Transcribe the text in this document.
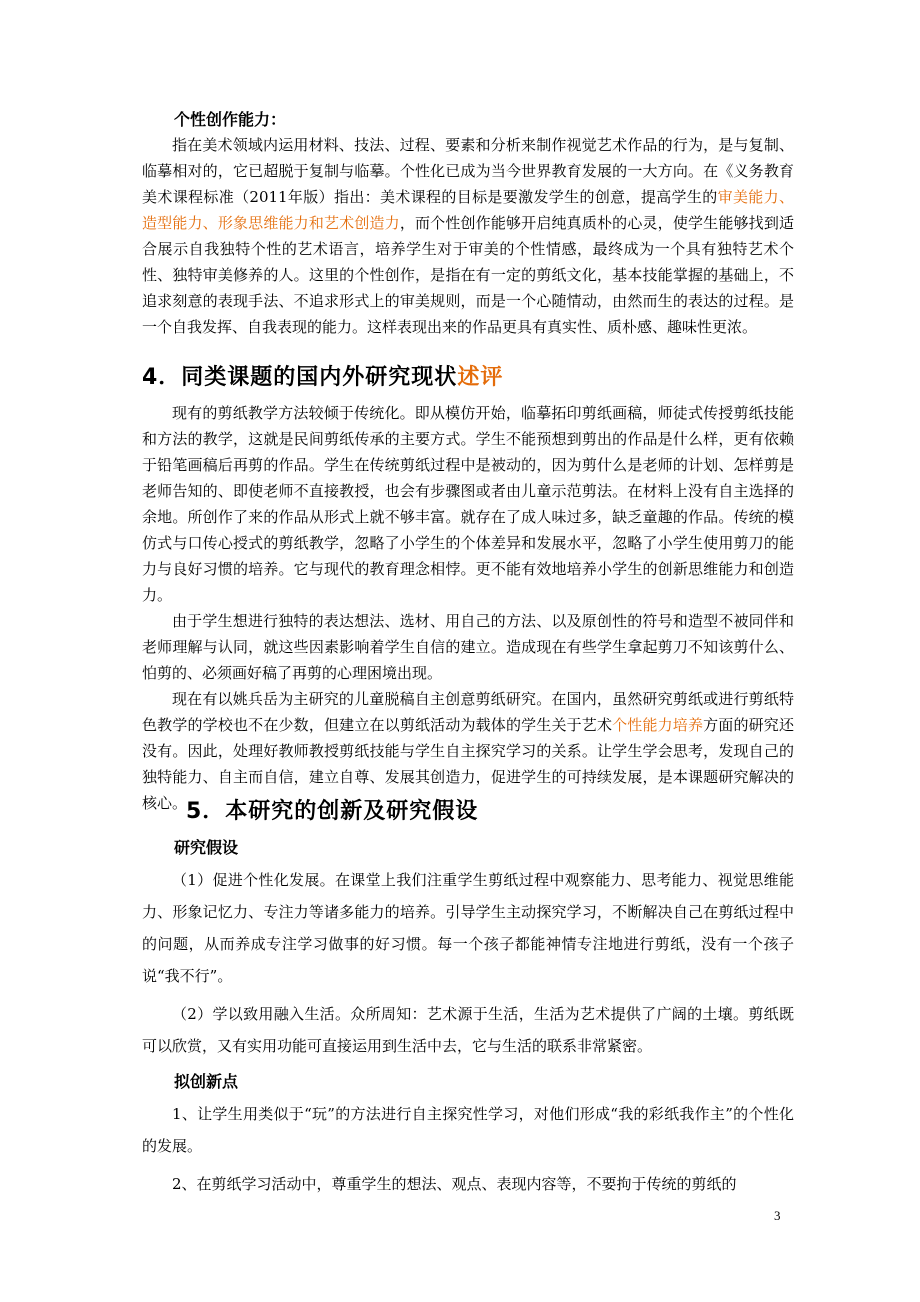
个性创作能力：

指在美术领域内运用材料、技法、过程、要素和分析来制作视觉艺术作品的行为，是与复制、临摹相对的，它已超脱于复制与临摹。个性化已成为当今世界教育发展的一大方向。在《义务教育美术课程标准（2011年版）指出：美术课程的目标是要激发学生的创意，提高学生的审美能力、造型能力、形象思维能力和艺术创造力，而个性创作能够开启纯真质朴的心灵，使学生能够找到适合展示自我独特个性的艺术语言，培养学生对于审美的个性情感，最终成为一个具有独特艺术个性、独特审美修养的人。这里的个性创作，是指在有一定的剪纸文化，基本技能掌握的基础上，不追求刻意的表现手法、不追求形式上的审美规则，而是一个心随情动，由然而生的表达的过程。是一个自我发挥、自我表现的能力。这样表现出来的作品更具有真实性、质朴感、趣味性更浓。

4．同类课题的国内外研究现状述评

现有的剪纸教学方法较倾于传统化。即从模仿开始，临摹拓印剪纸画稿，师徒式传授剪纸技能和方法的教学，这就是民间剪纸传承的主要方式。学生不能预想到剪出的作品是什么样，更有依赖于铅笔画稿后再剪的作品。学生在传统剪纸过程中是被动的，因为剪什么是老师的计划、怎样剪是老师告知的、即使老师不直接教授，也会有步骤图或者由儿童示范剪法。在材料上没有自主选择的余地。所创作了来的作品从形式上就不够丰富。就存在了成人味过多，缺乏童趣的作品。传统的模仿式与口传心授式的剪纸教学，忽略了小学生的个体差异和发展水平，忽略了小学生使用剪刀的能力与良好习惯的培养。它与现代的教育理念相悖。更不能有效地培养小学生的创新思维能力和创造力。

由于学生想进行独特的表达想法、选材、用自己的方法、以及原创性的符号和造型不被同伴和老师理解与认同，就这些因素影响着学生自信的建立。造成现在有些学生拿起剪刀不知该剪什么、怕剪的、必须画好稿了再剪的心理困境出现。

现在有以姚兵岳为主研究的儿童脱稿自主创意剪纸研究。在国内，虽然研究剪纸或进行剪纸特色教学的学校也不在少数，但建立在以剪纸活动为载体的学生关于艺术个性能力培养方面的研究还没有。因此，处理好教师教授剪纸技能与学生自主探究学习的关系。让学生学会思考，发现自己的独特能力、自主而自信，建立自尊、发展其创造力，促进学生的可持续发展，是本课题研究解决的核心。

5．本研究的创新及研究假设

研究假设

（1）促进个性化发展。在课堂上我们注重学生剪纸过程中观察能力、思考能力、视觉思维能力、形象记忆力、专注力等诸多能力的培养。引导学生主动探究学习，不断解决自己在剪纸过程中的问题，从而养成专注学习做事的好习惯。每一个孩子都能神情专注地进行剪纸，没有一个孩子说“我不行”。

（2）学以致用融入生活。众所周知：艺术源于生活，生活为艺术提供了广阔的土壤。剪纸既可以欣赏，又有实用功能可直接运用到生活中去，它与生活的联系非常紧密。

拟创新点

1、让学生用类似于“玩”的方法进行自主探究性学习，对他们形成“我的彩纸我作主”的个性化的发展。

2、在剪纸学习活动中，尊重学生的想法、观点、表现内容等，不要拘于传统的剪纸的

3
